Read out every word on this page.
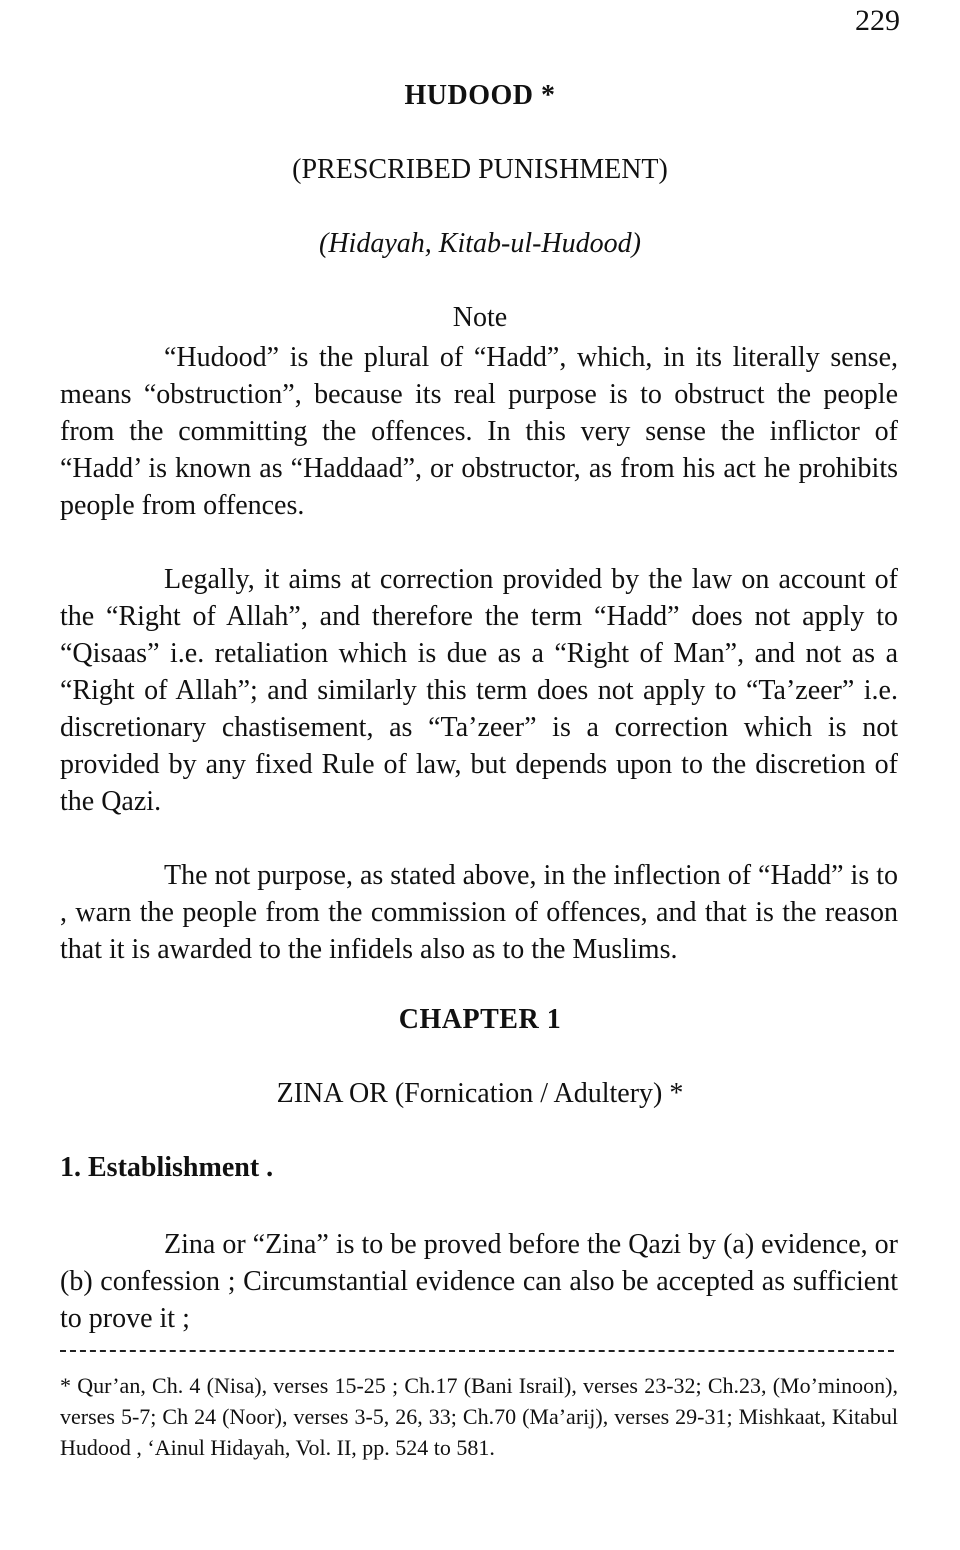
229
HUDOOD *
(PRESCRIBED PUNISHMENT)
(Hidayah, Kitab-ul-Hudood)
Note

“Hudood” is the plural of “Hadd”, which, in its literally sense, means “obstruction”, because its real purpose is to obstruct the people from the committing the offences. In this very sense the inflictor of “Hadd’ is known as “Haddaad”, or obstructor, as from his act he prohibits people from offences.

Legally, it aims at correction provided by the law on account of the “Right of Allah”, and therefore the term “Hadd” does not apply to “Qisaas” i.e. retaliation which is due as a “Right of Man”, and not as a “Right of Allah”; and similarly this term does not apply to “Ta’zeer” i.e. discretionary chastisement, as “Ta’zeer” is a correction which is not provided by any fixed Rule of law, but depends upon to the discretion of the Qazi.

The not purpose, as stated above, in the inflection of “Hadd” is to , warn the people from the commission of offences, and that is the reason that it is awarded to the infidels also as to the Muslims.

CHAPTER 1
ZINA OR (Fornication / Adultery) *
1. Establishment .

Zina or “Zina” is to be proved before the Qazi by (a) evidence, or (b) confession ; Circumstantial evidence can also be accepted as sufficient to prove it ;

* Qur’an, Ch. 4 (Nisa), verses 15-25 ; Ch.17 (Bani Israil), verses 23-32; Ch.23, (Mo’minoon), verses 5-7; Ch 24 (Noor), verses 3-5, 26, 33; Ch.70 (Ma’arij), verses 29-31; Mishkaat, Kitabul Hudood , ‘Ainul Hidayah, Vol. II, pp. 524 to 581.
